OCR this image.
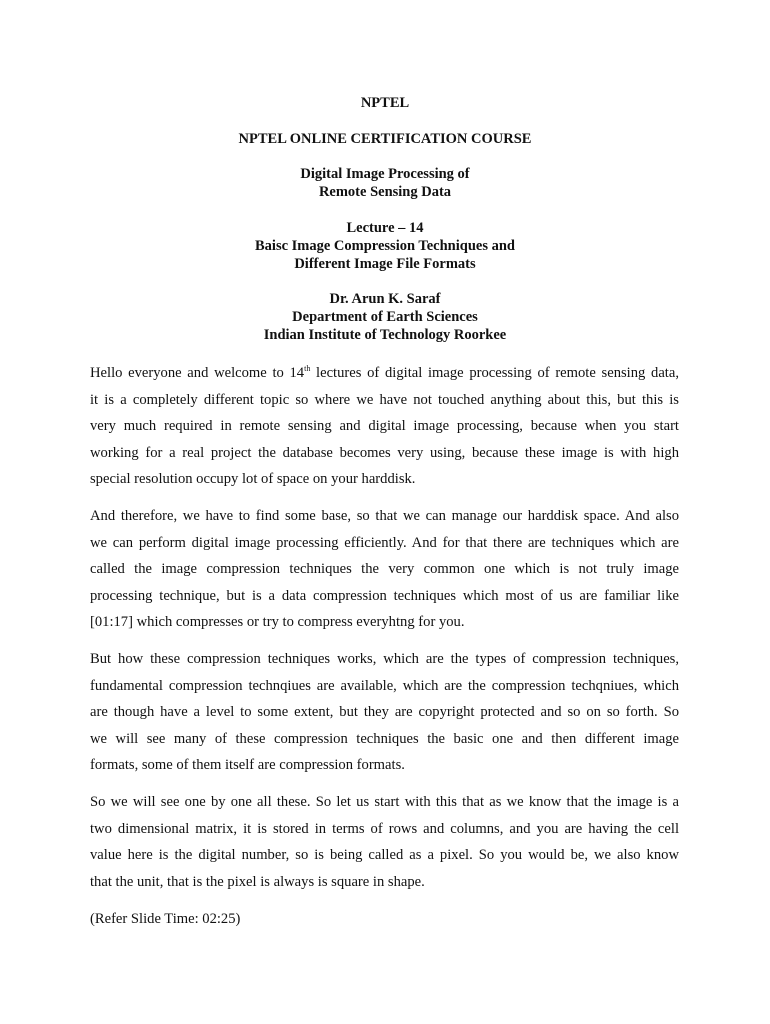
NPTEL
NPTEL ONLINE CERTIFICATION COURSE
Digital Image Processing of
Remote Sensing Data
Lecture – 14
Baisc Image Compression Techniques and
Different Image File Formats
Dr. Arun K. Saraf
Department of Earth Sciences
Indian Institute of Technology Roorkee
Hello everyone and welcome to 14th lectures of digital image processing of remote sensing data,
it is a completely different topic so where we have not touched anything about this, but this is
very much required in remote sensing and digital image processing, because when you start
working for a real project the database becomes very using, because these image is with high
special resolution occupy lot of space on your harddisk.
And therefore, we have to find some base, so that we can manage our harddisk space. And also
we can perform digital image processing efficiently. And for that there are techniques which are
called the image compression techniques the very common one which is not truly image
processing technique, but is a data compression techniques which most of us are familiar like
[01:17] which compresses or try to compress everyhtng for you.
But how these compression techniques works, which are the types of compression techniques,
fundamental compression technqiues are available, which are the compression techqniues, which
are though have a level to some extent, but they are copyright protected and so on so forth. So
we will see many of these compression techniques the basic one and then different image
formats, some of them itself are compression formats.
So we will see one by one all these. So let us start with this that as we know that the image is a
two dimensional matrix, it is stored in terms of rows and columns, and you are having the cell
value here is the digital number, so is being called as a pixel. So you would be, we also know
that the unit, that is the pixel is always is square in shape.
(Refer Slide Time: 02:25)
